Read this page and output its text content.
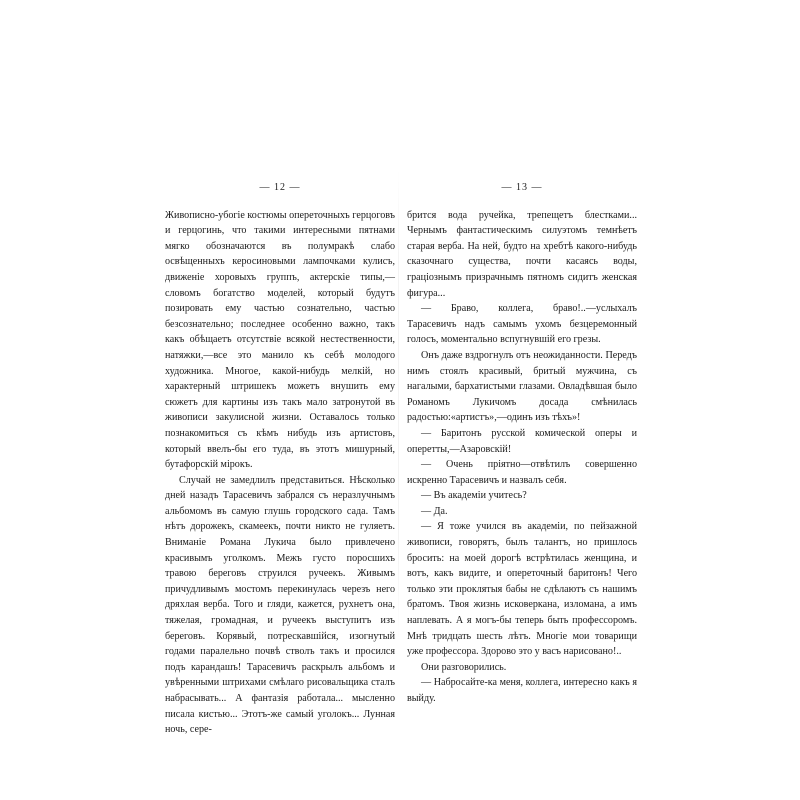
— 12 —

Живописно-убогіе костюмы опереточныхъ герцоговъ и герцогинь, что такими интересными пятнами мягко обозначаются въ полумракѣ слабо освѣщенныхъ керосиновыми лампочками кулисъ, движеніе хоровыхъ группъ, актерскіе типы,—словомъ богатство моделей, который будутъ позировать ему частью сознательно, частью безсознательно; последнее особенно важно, такъ какъ обѣщаетъ отсутствіе всякой нестественности, натяжки,—все это манило къ себѣ молодого художника. Многое, какой-нибудь мелкій, но характерный штришекъ можетъ внушить ему сюжетъ для картины изъ такъ мало затронутой въ живописи закулисной жизни. Оставалось только познакомиться съ кѣмъ нибудь изъ артистовъ, который ввелъ-бы его туда, въ этотъ мишурный, бутафорскій мірокъ.

Случай не замедлилъ представиться. Нѣсколько дней назадъ Тарасевичъ забрался съ неразлучнымъ альбомомъ въ самую глушь городского сада. Тамъ нѣтъ дорожекъ, скамеекъ, почти никто не гуляетъ. Вниманіе Романа Лукича было привлечено красивымъ уголкомъ. Межъ густо поросшихъ травою береговъ струился ручеекъ. Живымъ причудливымъ мостомъ перекинулась черезъ него дряхлая верба. Того и гляди, кажется, рухнетъ она, тяжелая, громадная, и ручеекъ выступитъ изъ береговъ. Корявый, потрескавшійся, изогнутый годами паралельно почвѣ стволъ такъ и просился подъ карандашъ! Тарасевичъ раскрылъ альбомъ и увѣренными штрихами смѣлаго рисовальщика сталъ набрасывать... А фантазія работала... мысленно писала кистью... Этотъ-же самый уголокъ... Лунная ночь, сере-

— 13 —

брится вода ручейка, трепещетъ блестками... Чернымъ фантастическимъ силуэтомъ темнѣетъ старая верба. На ней, будто на хребтѣ какого-нибудь сказочнаго существа, почти касаясь воды, граціознымъ призрачнымъ пятномъ сидитъ женская фигура...

— Браво, коллега, браво!..—услыхалъ Тарасевичъ надъ самымъ ухомъ безцеремонный голосъ, моментально вспугнувшій его грезы.

Онъ даже вздрогнулъ отъ неожиданности. Передъ нимъ стоялъ красивый, бритый мужчина, съ нагалыми, бархатистыми глазами. Овладѣвшая было Романомъ Лукичомъ досада смѣнилась радостью:«артистъ»,—одинъ изъ тѣхъ»!

— Баритонъ русской комической оперы и оперетты,—Азаровскій!

— Очень пріятно—отвѣтилъ совершенно искренно Тарасевичъ и назвалъ себя.

— Въ академіи учитесь?

— Да.

— Я тоже учился въ академіи, по пейзажной живописи, говорятъ, былъ талантъ, но пришлось бросить: на моей дорогѣ встрѣтилась женщина, и вотъ, какъ видите, и опереточный баритонъ! Чего только эти проклятыя бабы не сдѣлаютъ съ нашимъ братомъ. Твоя жизнь исковеркана, изломана, а имъ наплевать. А я могъ-бы теперь быть профессоромъ. Мнѣ тридцать шесть лѣтъ. Многіе мои товарищи уже профессора. Здорово это у васъ нарисовано!..

Они разговорились.

— Набросайте-ка меня, коллега, интересно какъ я выйду.
